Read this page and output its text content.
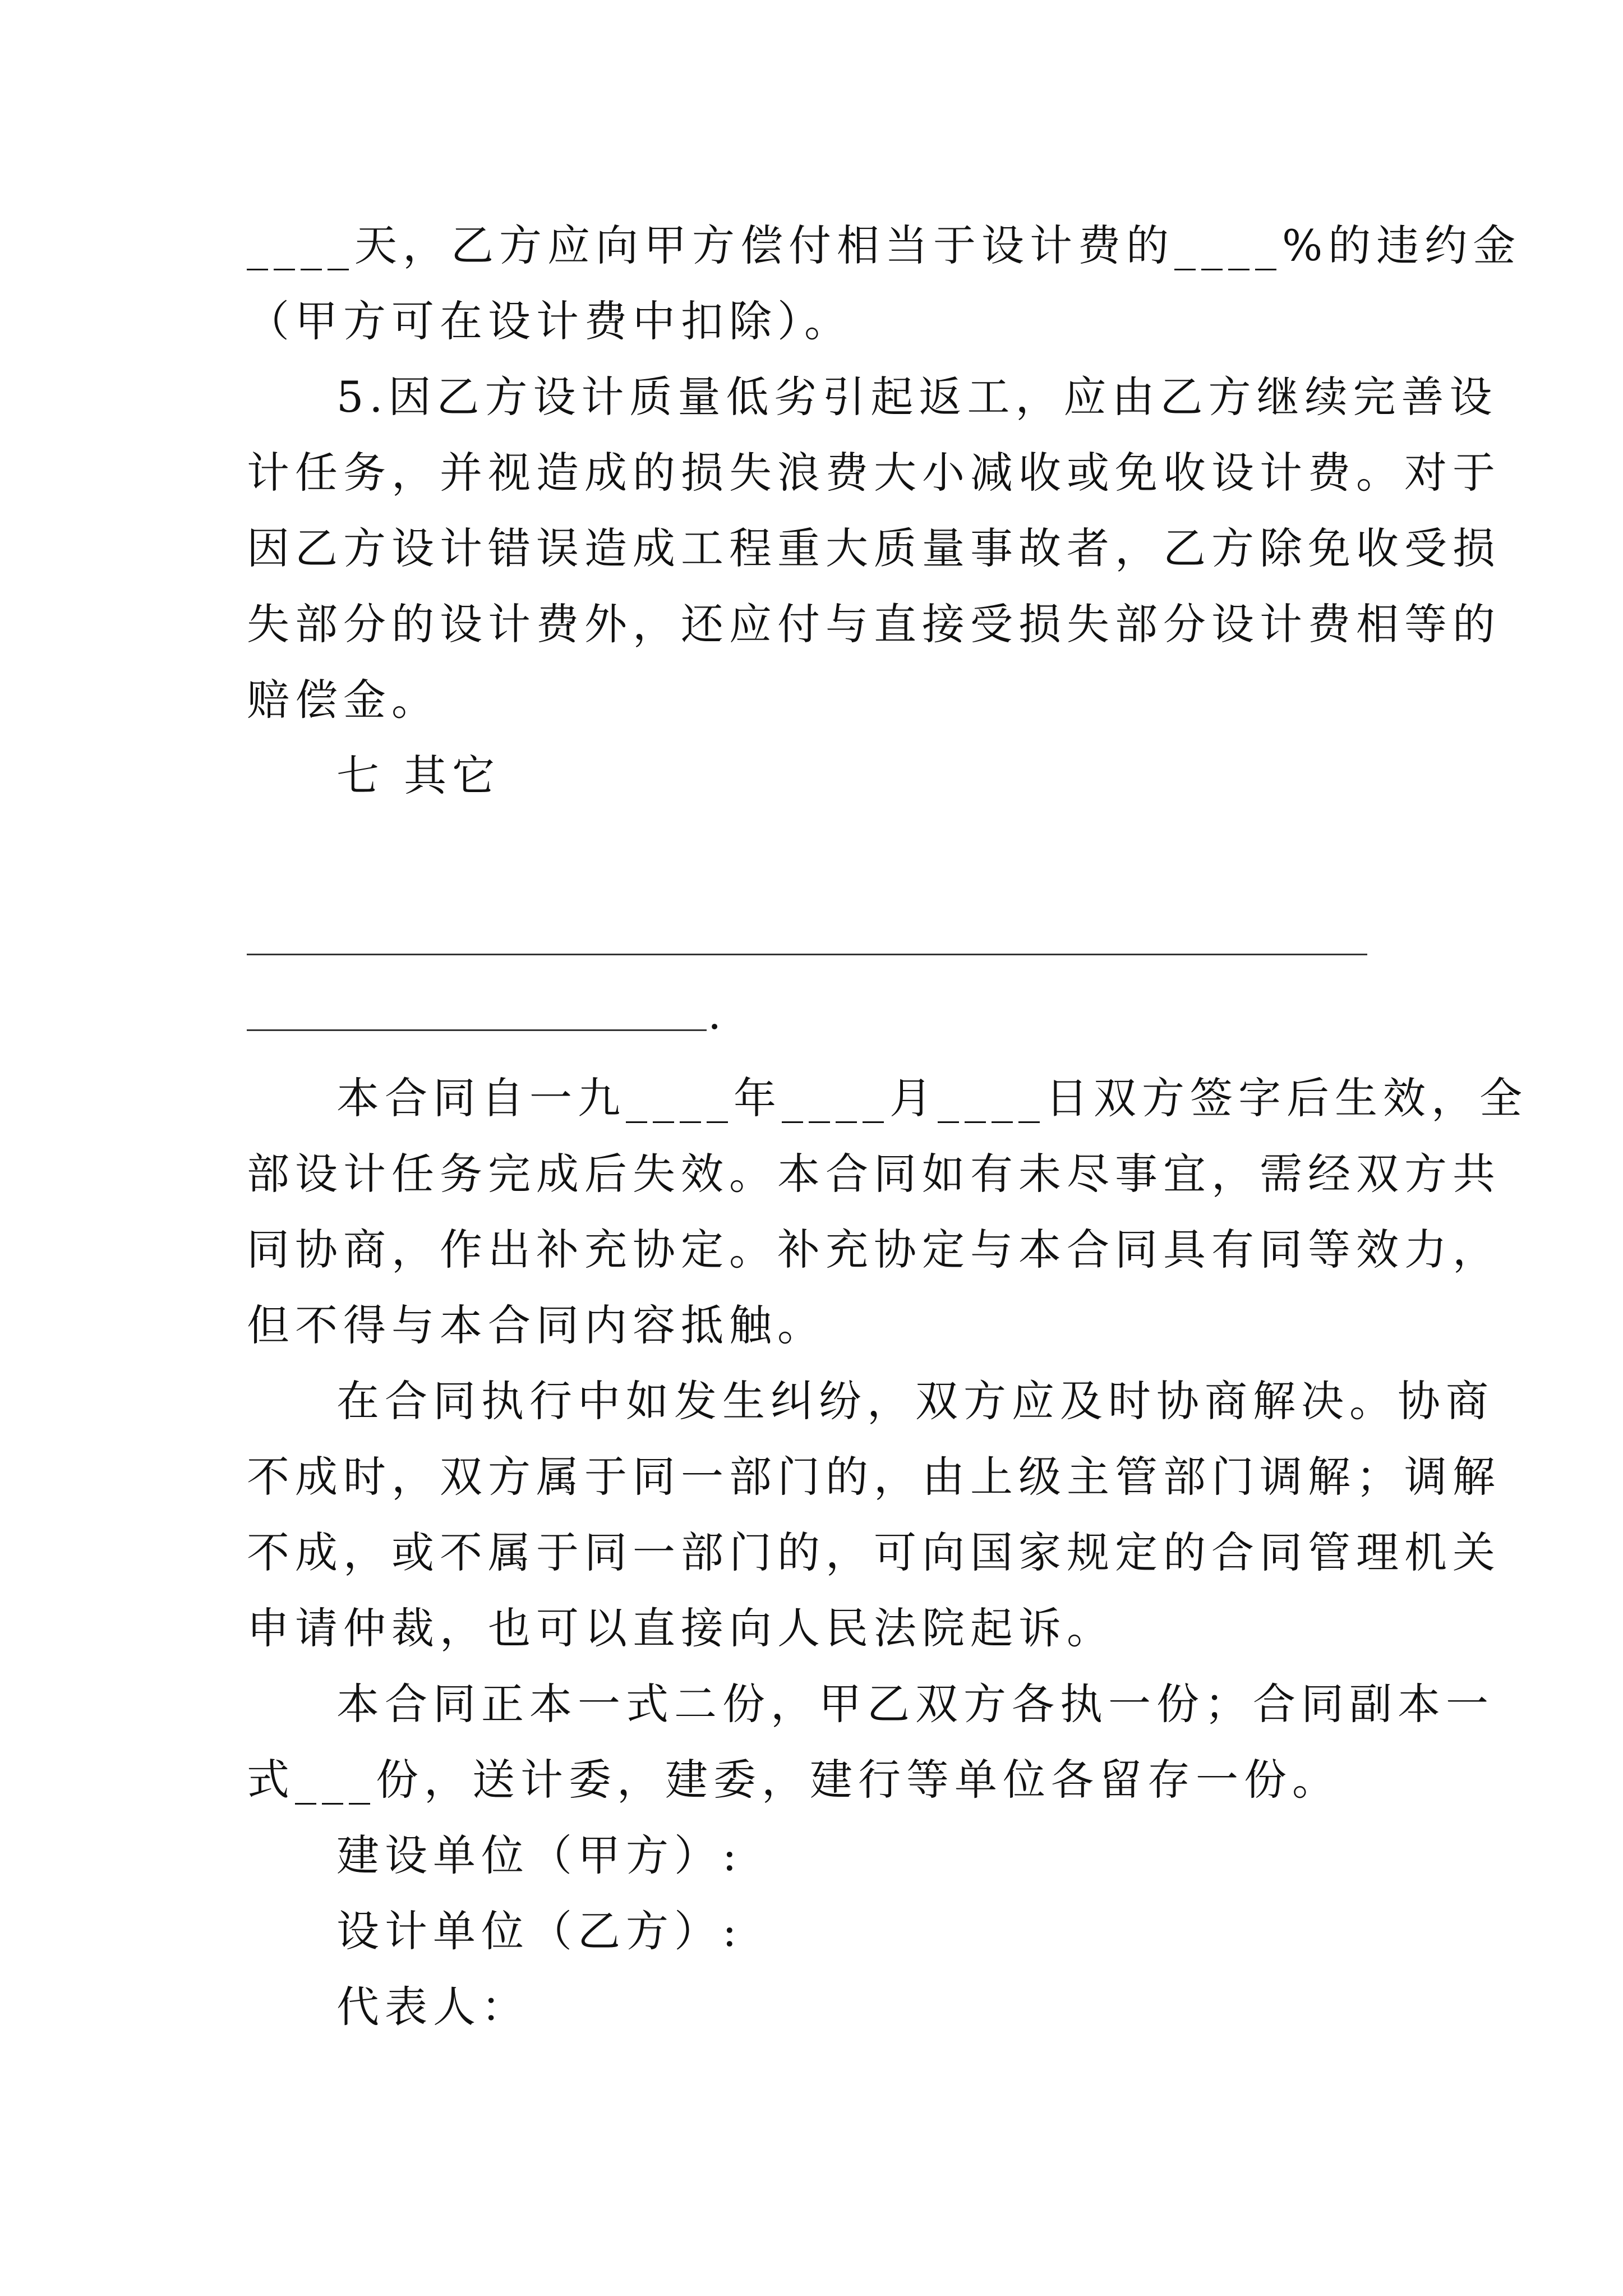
____天，乙方应向甲方偿付相当于设计费的____%的违约金
（甲方可在设计费中扣除）。
5.因乙方设计质量低劣引起返工，应由乙方继续完善设
计任务，并视造成的损失浪费大小减收或免收设计费。对于
因乙方设计错误造成工程重大质量事故者，乙方除免收受损
失部分的设计费外，还应付与直接受损失部分设计费相等的
赔偿金。
七 其它
.
本合同自一九____年____月____日双方签字后生效，全
部设计任务完成后失效。本合同如有未尽事宜，需经双方共
同协商，作出补充协定。补充协定与本合同具有同等效力，
但不得与本合同内容抵触。
在合同执行中如发生纠纷，双方应及时协商解决。协商
不成时，双方属于同一部门的，由上级主管部门调解；调解
不成，或不属于同一部门的，可向国家规定的合同管理机关
申请仲裁，也可以直接向人民法院起诉。
本合同正本一式二份，甲乙双方各执一份；合同副本一
式___份，送计委，建委，建行等单位各留存一份。
建设单位（甲方）:
设计单位（乙方）:
代表人：
